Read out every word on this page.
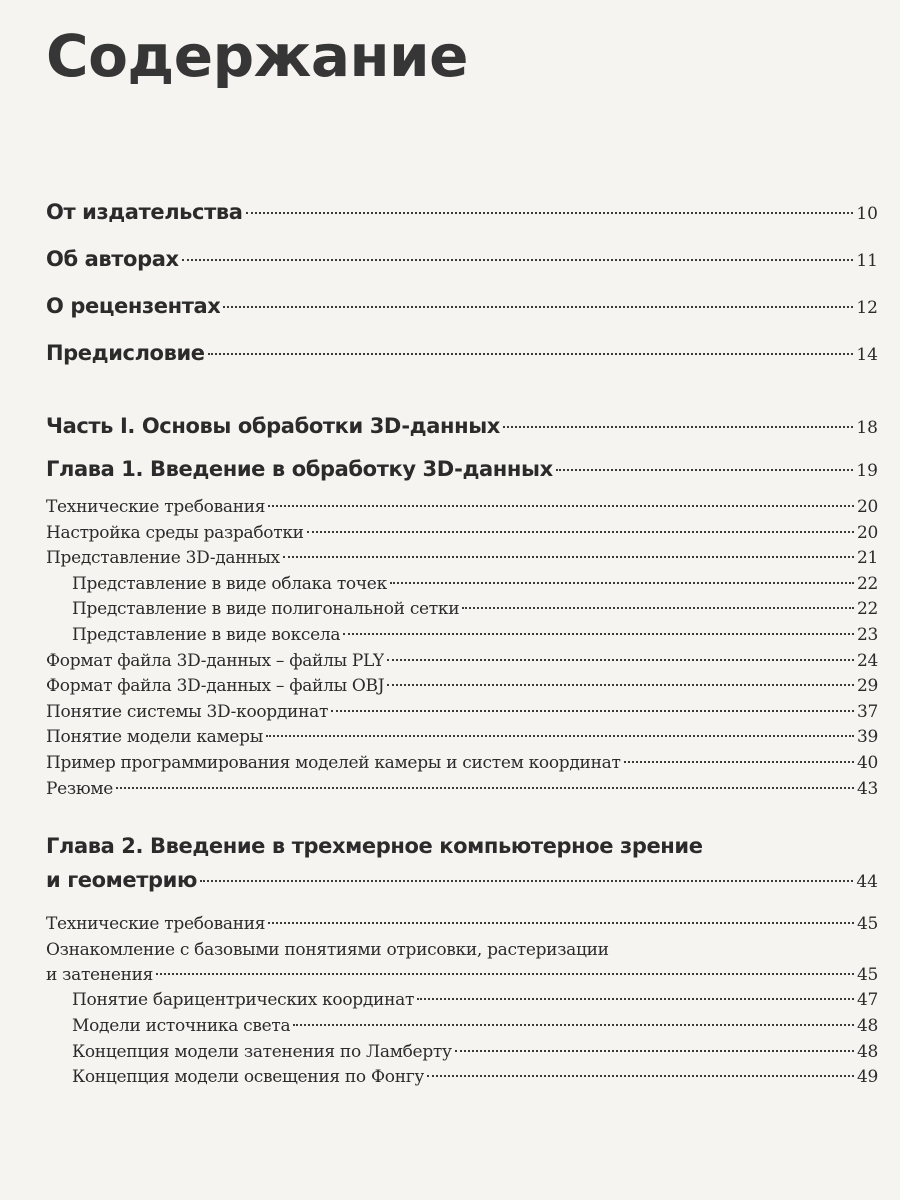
Содержание
От издательства	10
Об авторах	11
О рецензентах	12
Предисловие	14
Часть I. Основы обработки 3D-данных	18
Глава 1. Введение в обработку 3D-данных	19
Технические требования	20
Настройка среды разработки	20
Представление 3D-данных	21
Представление в виде облака точек	22
Представление в виде полигональной сетки	22
Представление в виде воксела	23
Формат файла 3D-данных – файлы PLY	24
Формат файла 3D-данных – файлы OBJ	29
Понятие системы 3D-координат	37
Понятие модели камеры	39
Пример программирования моделей камеры и систем координат	40
Резюме	43
Глава 2. Введение в трехмерное компьютерное зрение
и геометрию	44
Технические требования	45
Ознакомление с базовыми понятиями отрисовки, растеризации
и затенения	45
Понятие барицентрических координат	47
Модели источника света	48
Концепция модели затенения по Ламберту	48
Концепция модели освещения по Фонгу	49
